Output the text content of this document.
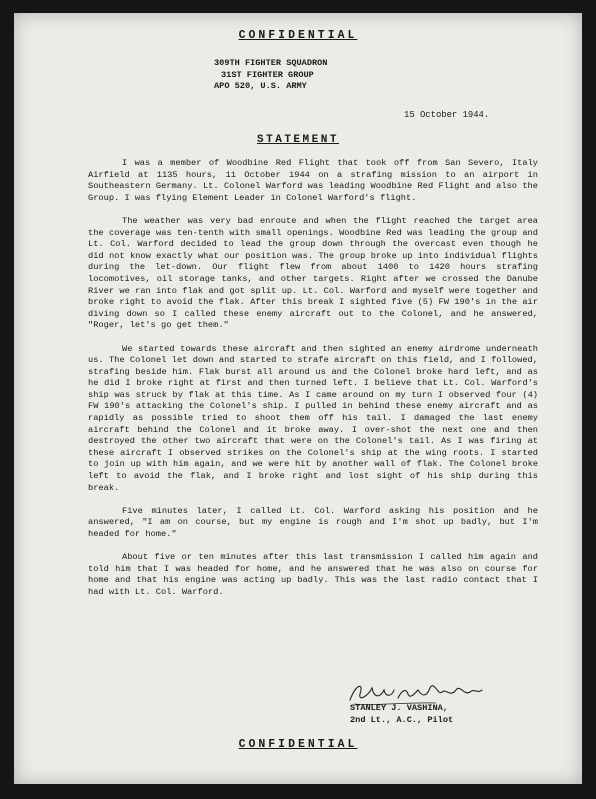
CONFIDENTIAL
309TH FIGHTER SQUADRON
31ST FIGHTER GROUP
APO 520, U.S. ARMY
15 October 1944.
STATEMENT

I was a member of Woodbine Red Flight that took off from San Severo, Italy Airfield at 1135 hours, 11 October 1944 on a strafing mission to an airport in Southeastern Germany. Lt. Colonel Warford was leading Woodbine Red Flight and also the Group. I was flying Element Leader in Colonel Warford's flight.

The weather was very bad enroute and when the flight reached the target area the coverage was ten-tenth with small openings. Woodbine Red was leading the group and Lt. Col. Warford decided to lead the group down through the overcast even though he did not know exactly what our position was. The group broke up into individual flights during the let-down. Our flight flew from about 1400 to 1420 hours strafing locomotives, oil storage tanks, and other targets. Right after we crossed the Danube River we ran into flak and got split up. Lt. Col. Warford and myself were together and broke right to avoid the flak. After this break I sighted five (5) FW 190's in the air diving down so I called these enemy aircraft out to the Colonel, and he answered, "Roger, let's go get them."

We started towards these aircraft and then sighted an enemy airdrome underneath us. The Colonel let down and started to strafe aircraft on this field, and I followed, strafing beside him. Flak burst all around us and the Colonel broke hard left, and as he did I broke right at first and then turned left. I believe that Lt. Col. Warford's ship was struck by flak at this time. As I came around on my turn I observed four (4) FW 190's attacking the Colonel's ship. I pulled in behind these enemy aircraft and as rapidly as possible tried to shoot them off his tail. I damaged the last enemy aircraft behind the Colonel and it broke away. I over-shot the next one and then destroyed the other two aircraft that were on the Colonel's tail. As I was firing at these aircraft I observed strikes on the Colonel's ship at the wing roots. I started to join up with him again, and we were hit by another wall of flak. The Colonel broke left to avoid the flak, and I broke right and lost sight of his ship during this break.

Five minutes later, I called Lt. Col. Warford asking his position and he answered, "I am on course, but my engine is rough and I'm shot up badly, but I'm headed for home."

About five or ten minutes after this last transmission I called him again and told him that I was headed for home, and he answered that he was also on course for home and that his engine was acting up badly. This was the last radio contact that I had with Lt. Col. Warford.

STANLEY J. VASHINA,
2nd Lt., A.C., Pilot
CONFIDENTIAL
